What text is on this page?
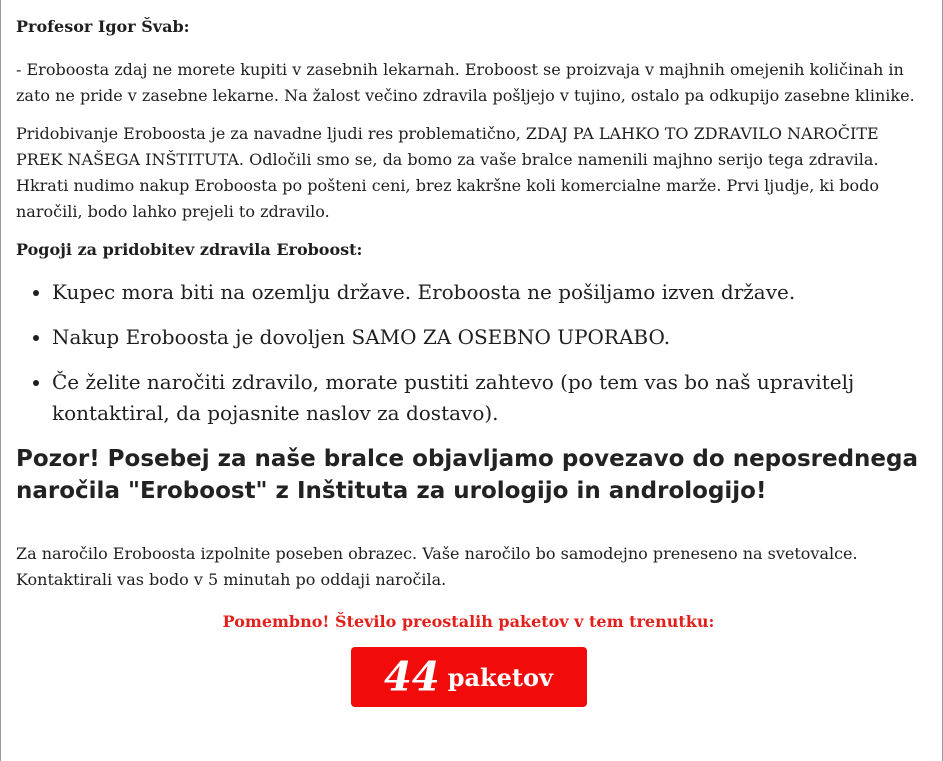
Profesor Igor Švab:
- Eroboosta zdaj ne morete kupiti v zasebnih lekarnah. Eroboost se proizvaja v majhnih omejenih količinah in zato ne pride v zasebne lekarne. Na žalost večino zdravila pošljejo v tujino, ostalo pa odkupijo zasebne klinike.
Pridobivanje Eroboosta je za navadne ljudi res problematično, ZDAJ PA LAHKO TO ZDRAVILO NAROČITE PREK NAŠEGA INŠTITUTA. Odločili smo se, da bomo za vaše bralce namenili majhno serijo tega zdravila. Hkrati nudimo nakup Eroboosta po pošteni ceni, brez kakršne koli komercialne marže. Prvi ljudje, ki bodo naročili, bodo lahko prejeli to zdravilo.
Pogoji za pridobitev zdravila Eroboost:
• Kupec mora biti na ozemlju države. Eroboosta ne pošiljamo izven države.
• Nakup Eroboosta je dovoljen SAMO ZA OSEBNO UPORABO.
• Če želite naročiti zdravilo, morate pustiti zahtevo (po tem vas bo naš upravitelj kontaktiral, da pojasnite naslov za dostavo).
Pozor! Posebej za naše bralce objavljamo povezavo do neposrednega naročila "Eroboost" z Inštituta za urologijo in andrologijo!
Za naročilo Eroboosta izpolnite poseben obrazec. Vaše naročilo bo samodejno preneseno na svetovalce. Kontaktirali vas bodo v 5 minutah po oddaji naročila.
Pomembno! Število preostalih paketov v tem trenutku:
44 paketov
